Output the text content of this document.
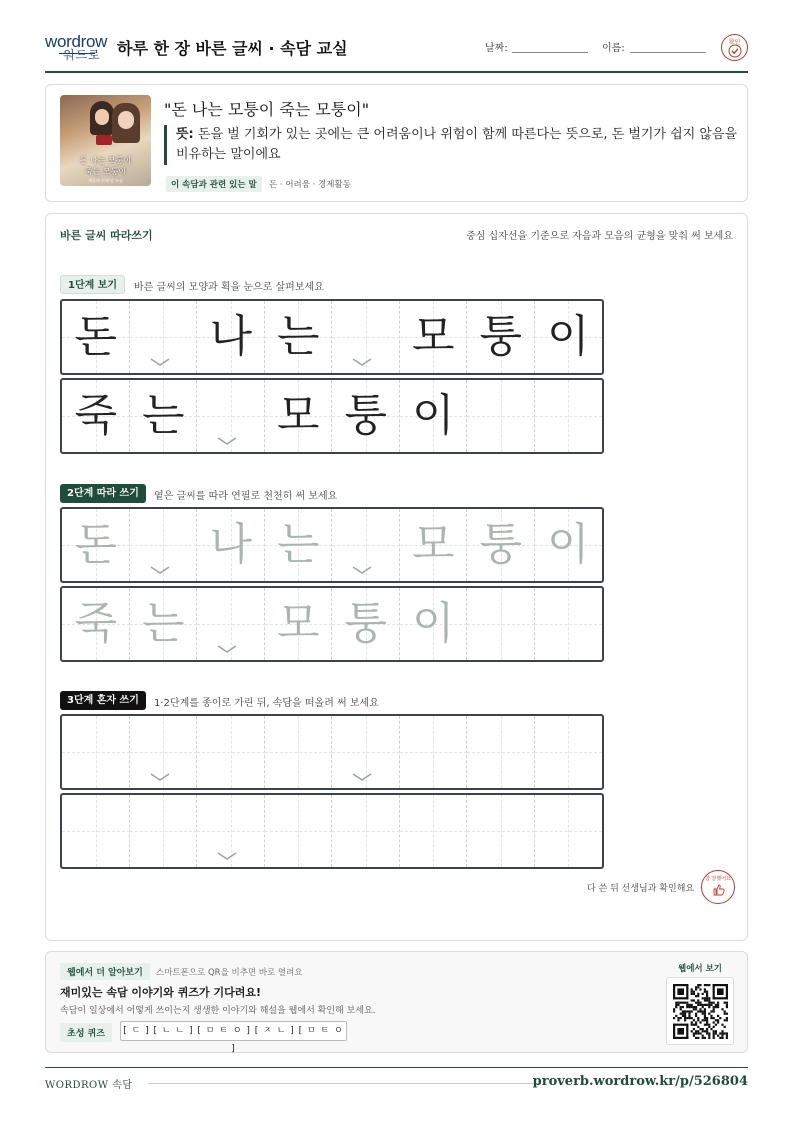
wordrow
워드로 하루 한 장 바른 글씨 · 속담 교실	날짜:	이름:
확인
돈 나는 모퉁이
죽는 모퉁이
재물의 손해 말 조심
"돈 나는 모퉁이 죽는 모퉁이"
뜻: 돈을 벌 기회가 있는 곳에는 큰 어려움이나 위험이 함께 따른다는 뜻으로, 돈 벌기가 쉽지 않음을 비유하는 말이에요
이 속담과 관련 있는 말	돈 · 어려움 · 경제활동
바른 글씨 따라쓰기	중심 십자선을 기준으로 자음과 모음의 균형을 맞춰 써 보세요
1단계 보기	바른 글씨의 모양과 획을 눈으로 살펴보세요
돈 나 는 모 퉁 이
죽 는 모 퉁 이
2단계 따라 쓰기	옅은 글씨를 따라 연필로 천천히 써 보세요
돈 나 는 모 퉁 이
죽 는 모 퉁 이
3단계 혼자 쓰기	1·2단계를 종이로 가린 뒤, 속담을 떠올려 써 보세요
다 쓴 뒤 선생님과 확인해요
참 잘했어요
웹에서 더 알아보기	스마트폰으로 QR을 비추면 바로 열려요
재미있는 속담 이야기와 퀴즈가 기다려요!
속담이 일상에서 어떻게 쓰이는지 생생한 이야기와 해설을 웹에서 확인해 보세요.
초성 퀴즈	[ ㄷ ] [ ㄴ ㄴ ] [ ㅁ ㅌ ㅇ ] [ ㅈ ㄴ ] [ ㅁ ㅌ ㅇ ]
웹에서 보기
WORDROW 속담	proverb.wordrow.kr/p/526804
